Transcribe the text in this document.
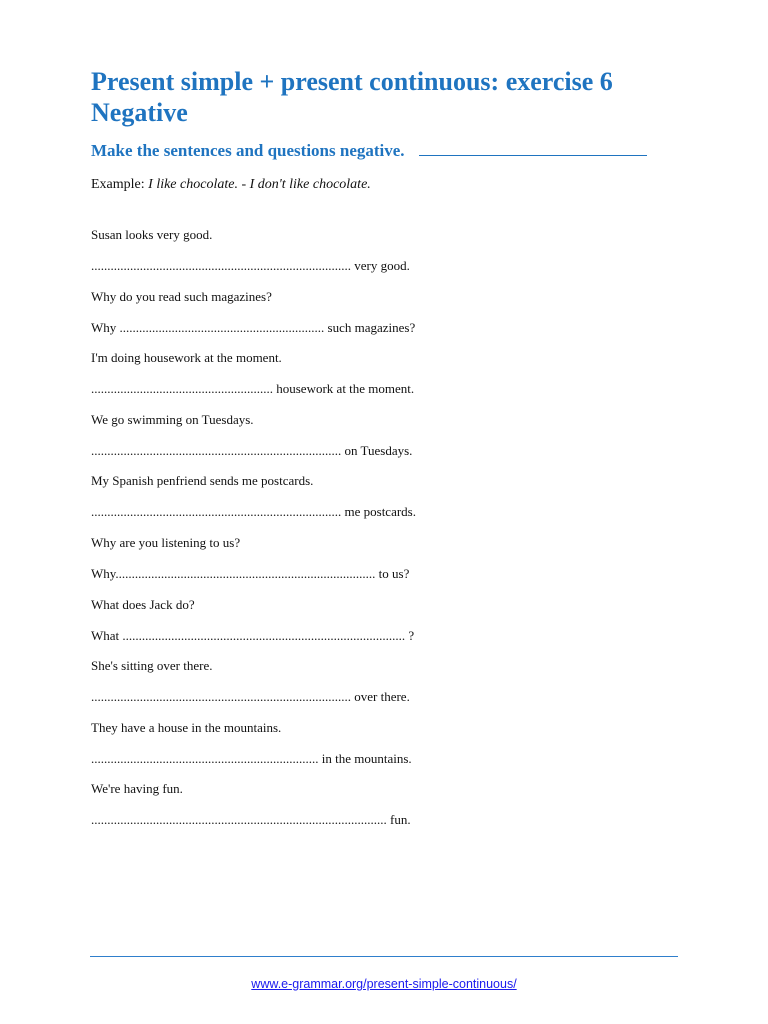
Present simple + present continuous: exercise 6
Negative
Make the sentences and questions negative.
Example: I like chocolate. - I don't like chocolate.
Susan looks very good.
................................................................................ very good.
Why do you read such magazines?
Why ............................................................... such magazines?
I'm doing housework at the moment.
........................................................ housework at the moment.
We go swimming on Tuesdays.
............................................................................. on Tuesdays.
My Spanish penfriend sends me postcards.
............................................................................. me postcards.
Why are you listening to us?
Why................................................................................ to us?
What does Jack do?
What ....................................................................................... ?
She's sitting over there.
................................................................................ over there.
They have a house in the mountains.
...................................................................... in the mountains.
We're having fun.
........................................................................................... fun.
www.e-grammar.org/present-simple-continuous/
